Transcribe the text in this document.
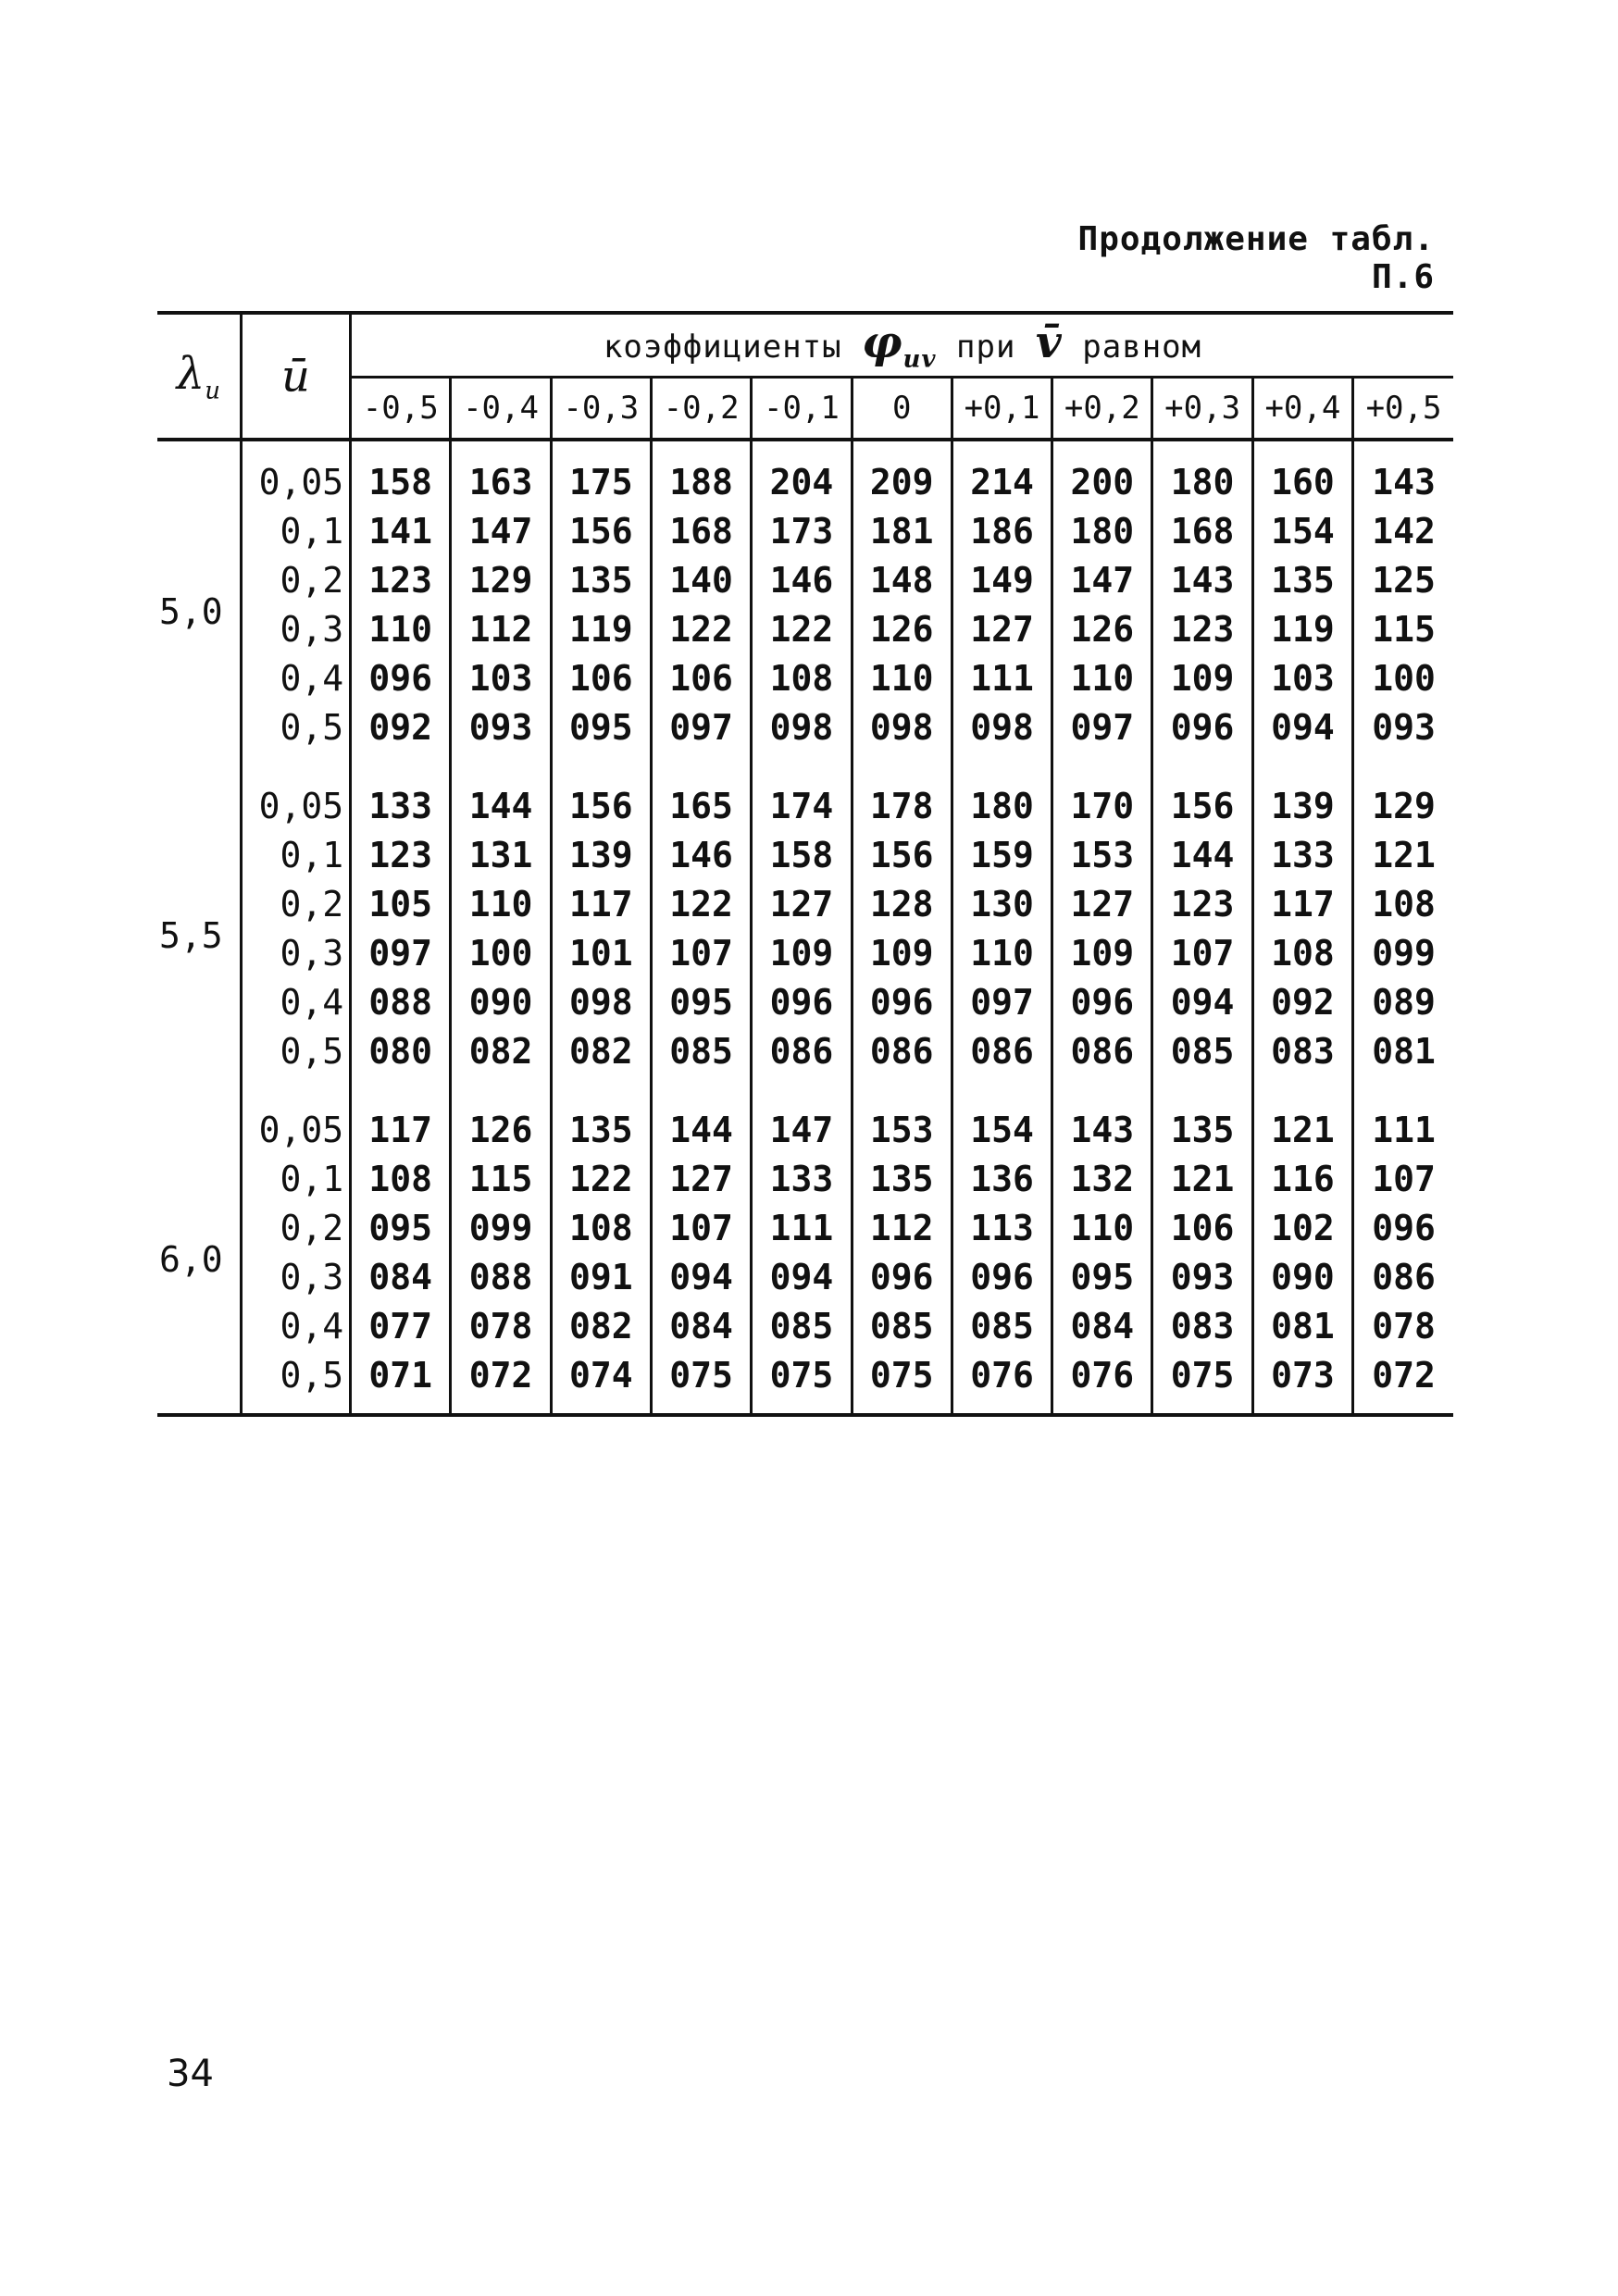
Продолжение табл. П.6
$\lambda_и$	ū	коэффициенты $\varphi_{uv}$ при v̄ равном										
		-0,5	-0,4	-0,3	-0,2	-0,1	0	+0,1	+0,2	+0,3	+0,4	+0,5
5,0	0,05	158	163	175	188	204	209	214	200	180	160	143
	0,1	141	147	156	168	173	181	186	180	168	154	142
	0,2	123	129	135	140	146	148	149	147	143	135	125
	0,3	110	112	119	122	122	126	127	126	123	119	115
	0,4	096	103	106	106	108	110	111	110	109	103	100
	0,5	092	093	095	097	098	098	098	097	096	094	093
5,5	0,05	133	144	156	165	174	178	180	170	156	139	129
	0,1	123	131	139	146	158	156	159	153	144	133	121
	0,2	105	110	117	122	127	128	130	127	123	117	108
	0,3	097	100	101	107	109	109	110	109	107	108	099
	0,4	088	090	098	095	096	096	097	096	094	092	089
	0,5	080	082	082	085	086	086	086	086	085	083	081
6,0	0,05	117	126	135	144	147	153	154	143	135	121	111
	0,1	108	115	122	127	133	135	136	132	121	116	107
	0,2	095	099	108	107	111	112	113	110	106	102	096
	0,3	084	088	091	094	094	096	096	095	093	090	086
	0,4	077	078	082	084	085	085	085	084	083	081	078
	0,5	071	072	074	075	075	075	076	076	075	073	072
34
